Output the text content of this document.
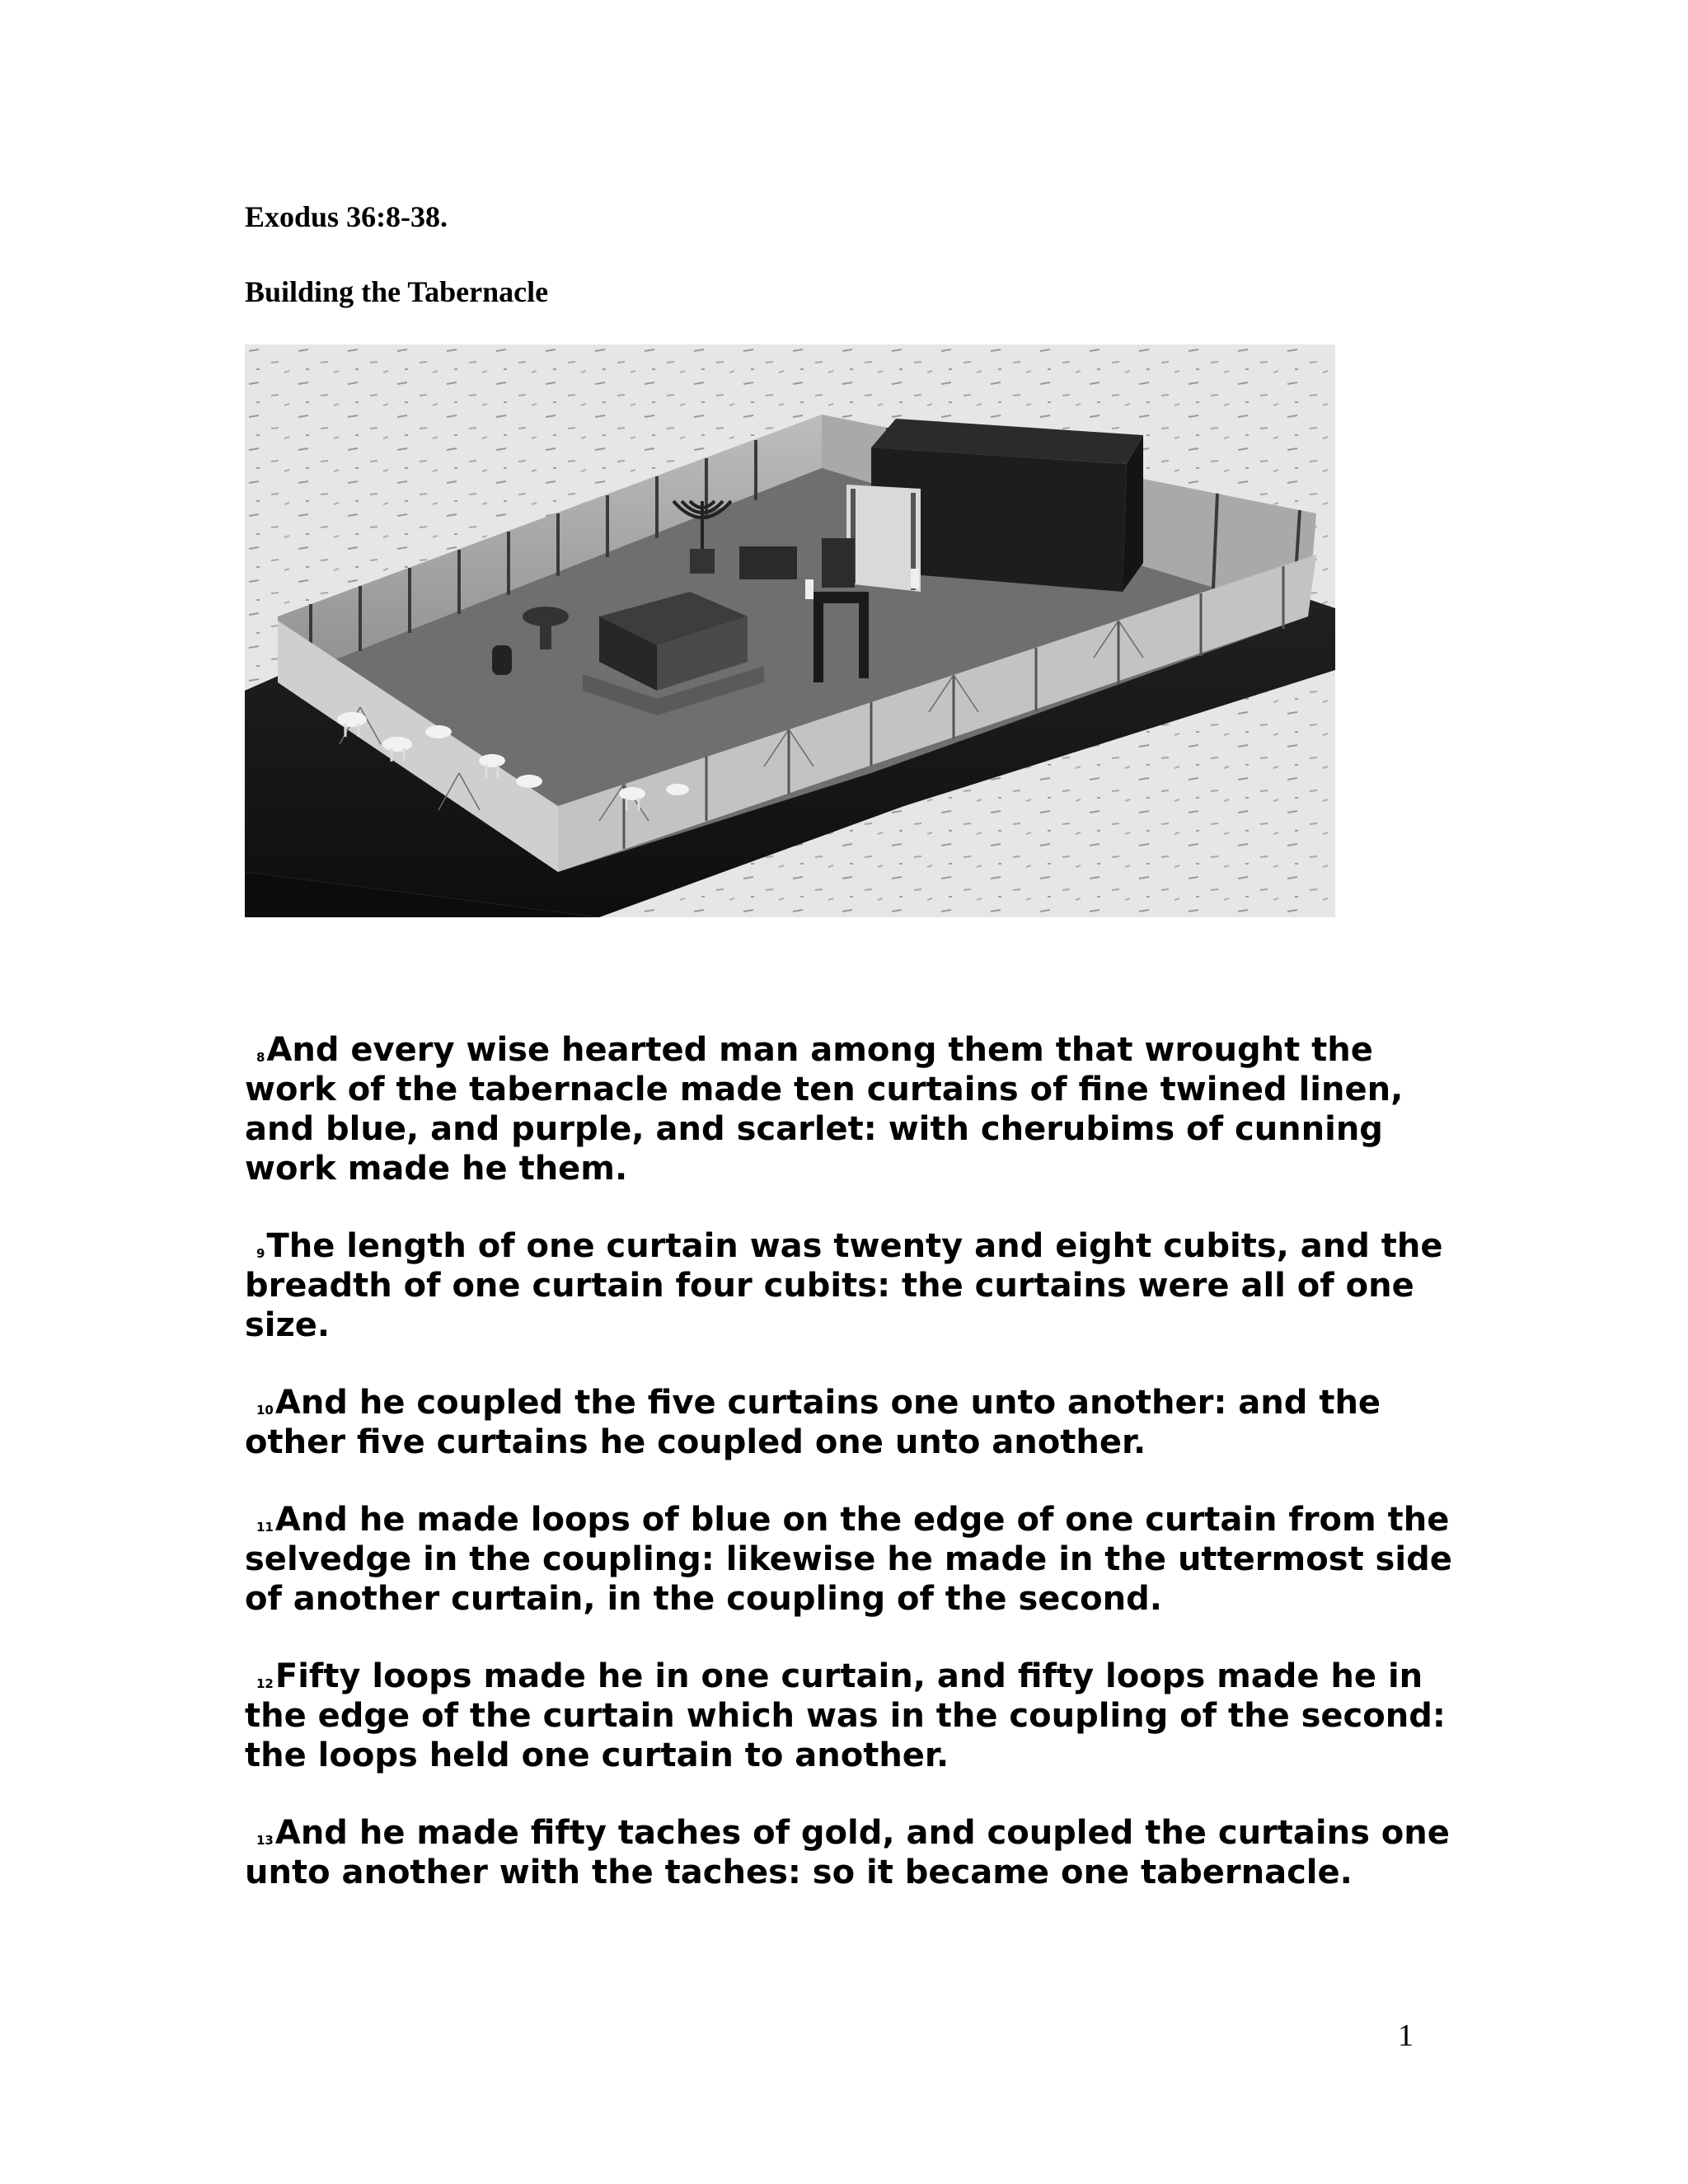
Exodus 36:8-38.

Building the Tabernacle

$^8$And every wise hearted man among them that wrought the work of the tabernacle made ten curtains of fine twined linen, and blue, and purple, and scarlet: with cherubims of cunning work made he them.

$^9$The length of one curtain was twenty and eight cubits, and the breadth of one curtain four cubits: the curtains were all of one size.

$^{10}$And he coupled the five curtains one unto another: and the other five curtains he coupled one unto another.

$^{11}$And he made loops of blue on the edge of one curtain from the selvedge in the coupling: likewise he made in the uttermost side of another curtain, in the coupling of the second.

$^{12}$Fifty loops made he in one curtain, and fifty loops made he in the edge of the curtain which was in the coupling of the second: the loops held one curtain to another.

$^{13}$And he made fifty taches of gold, and coupled the curtains one unto another with the taches: so it became one tabernacle.

1
